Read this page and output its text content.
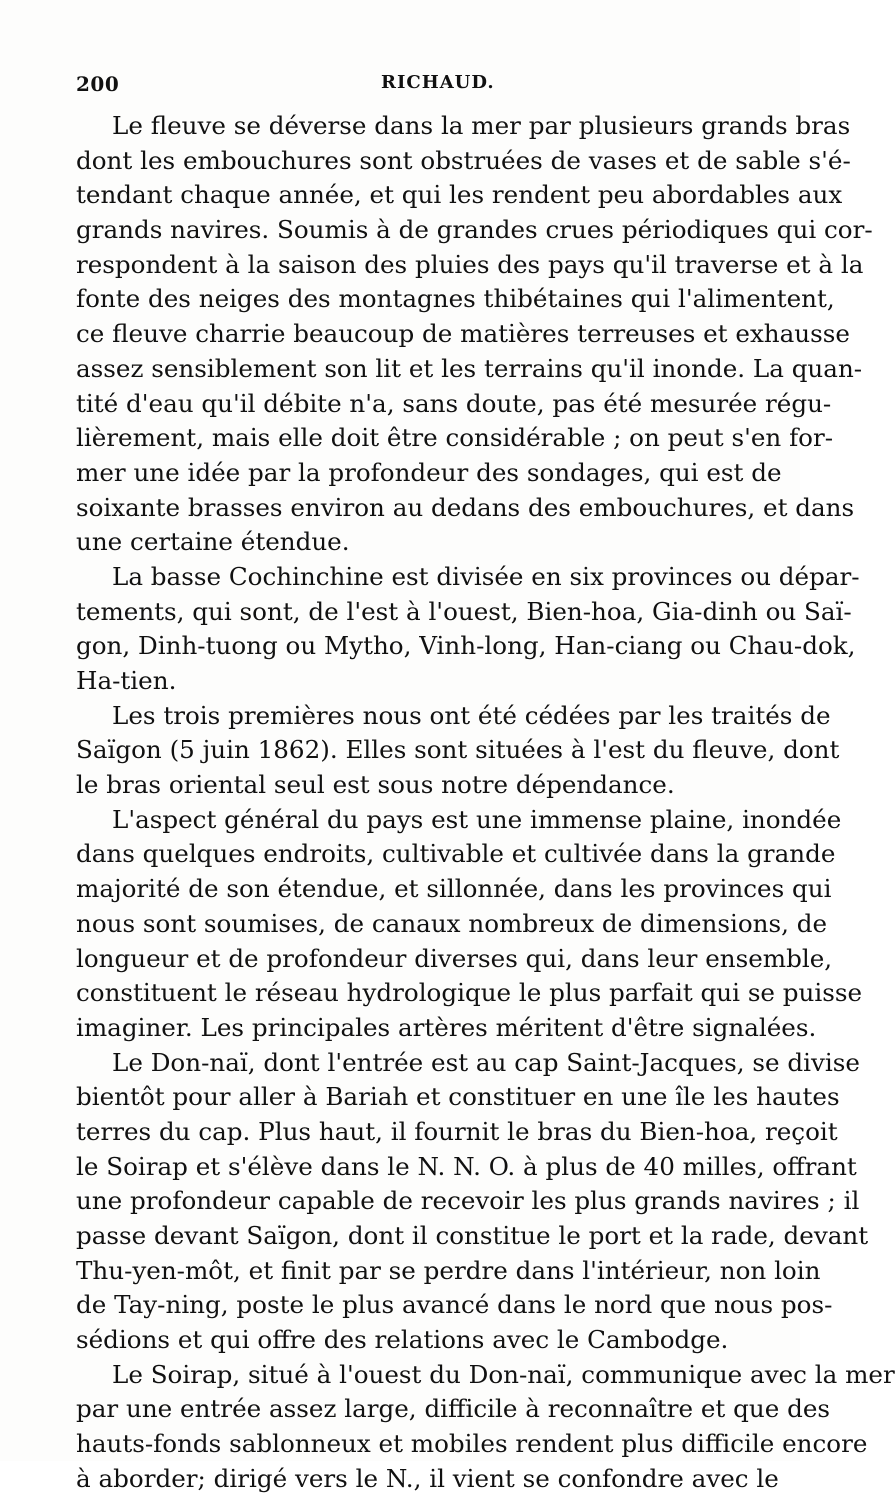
200	RICHAUD.
Le fleuve se déverse dans la mer par plusieurs grands bras
dont les embouchures sont obstruées de vases et de sable s'é-
tendant chaque année, et qui les rendent peu abordables aux
grands navires. Soumis à de grandes crues périodiques qui cor-
respondent à la saison des pluies des pays qu'il traverse et à la
fonte des neiges des montagnes thibétaines qui l'alimentent,
ce fleuve charrie beaucoup de matières terreuses et exhausse
assez sensiblement son lit et les terrains qu'il inonde. La quan-
tité d'eau qu'il débite n'a, sans doute, pas été mesurée régu-
lièrement, mais elle doit être considérable ; on peut s'en for-
mer une idée par la profondeur des sondages, qui est de
soixante brasses environ au dedans des embouchures, et dans
une certaine étendue.
La basse Cochinchine est divisée en six provinces ou dépar-
tements, qui sont, de l'est à l'ouest, Bien-hoa, Gia-dinh ou Saï-
gon, Dinh-tuong ou Mytho, Vinh-long, Han-ciang ou Chau-dok,
Ha-tien.
Les trois premières nous ont été cédées par les traités de
Saïgon (5 juin 1862). Elles sont situées à l'est du fleuve, dont
le bras oriental seul est sous notre dépendance.
L'aspect général du pays est une immense plaine, inondée
dans quelques endroits, cultivable et cultivée dans la grande
majorité de son étendue, et sillonnée, dans les provinces qui
nous sont soumises, de canaux nombreux de dimensions, de
longueur et de profondeur diverses qui, dans leur ensemble,
constituent le réseau hydrologique le plus parfait qui se puisse
imaginer. Les principales artères méritent d'être signalées.
Le Don-naï, dont l'entrée est au cap Saint-Jacques, se divise
bientôt pour aller à Bariah et constituer en une île les hautes
terres du cap. Plus haut, il fournit le bras du Bien-hoa, reçoit
le Soirap et s'élève dans le N. N. O. à plus de 40 milles, offrant
une profondeur capable de recevoir les plus grands navires ; il
passe devant Saïgon, dont il constitue le port et la rade, devant
Thu-yen-môt, et finit par se perdre dans l'intérieur, non loin
de Tay-ning, poste le plus avancé dans le nord que nous pos-
sédions et qui offre des relations avec le Cambodge.
Le Soirap, situé à l'ouest du Don-naï, communique avec la mer
par une entrée assez large, difficile à reconnaître et que des
hauts-fonds sablonneux et mobiles rendent plus difficile encore
à aborder; dirigé vers le N., il vient se confondre avec le
